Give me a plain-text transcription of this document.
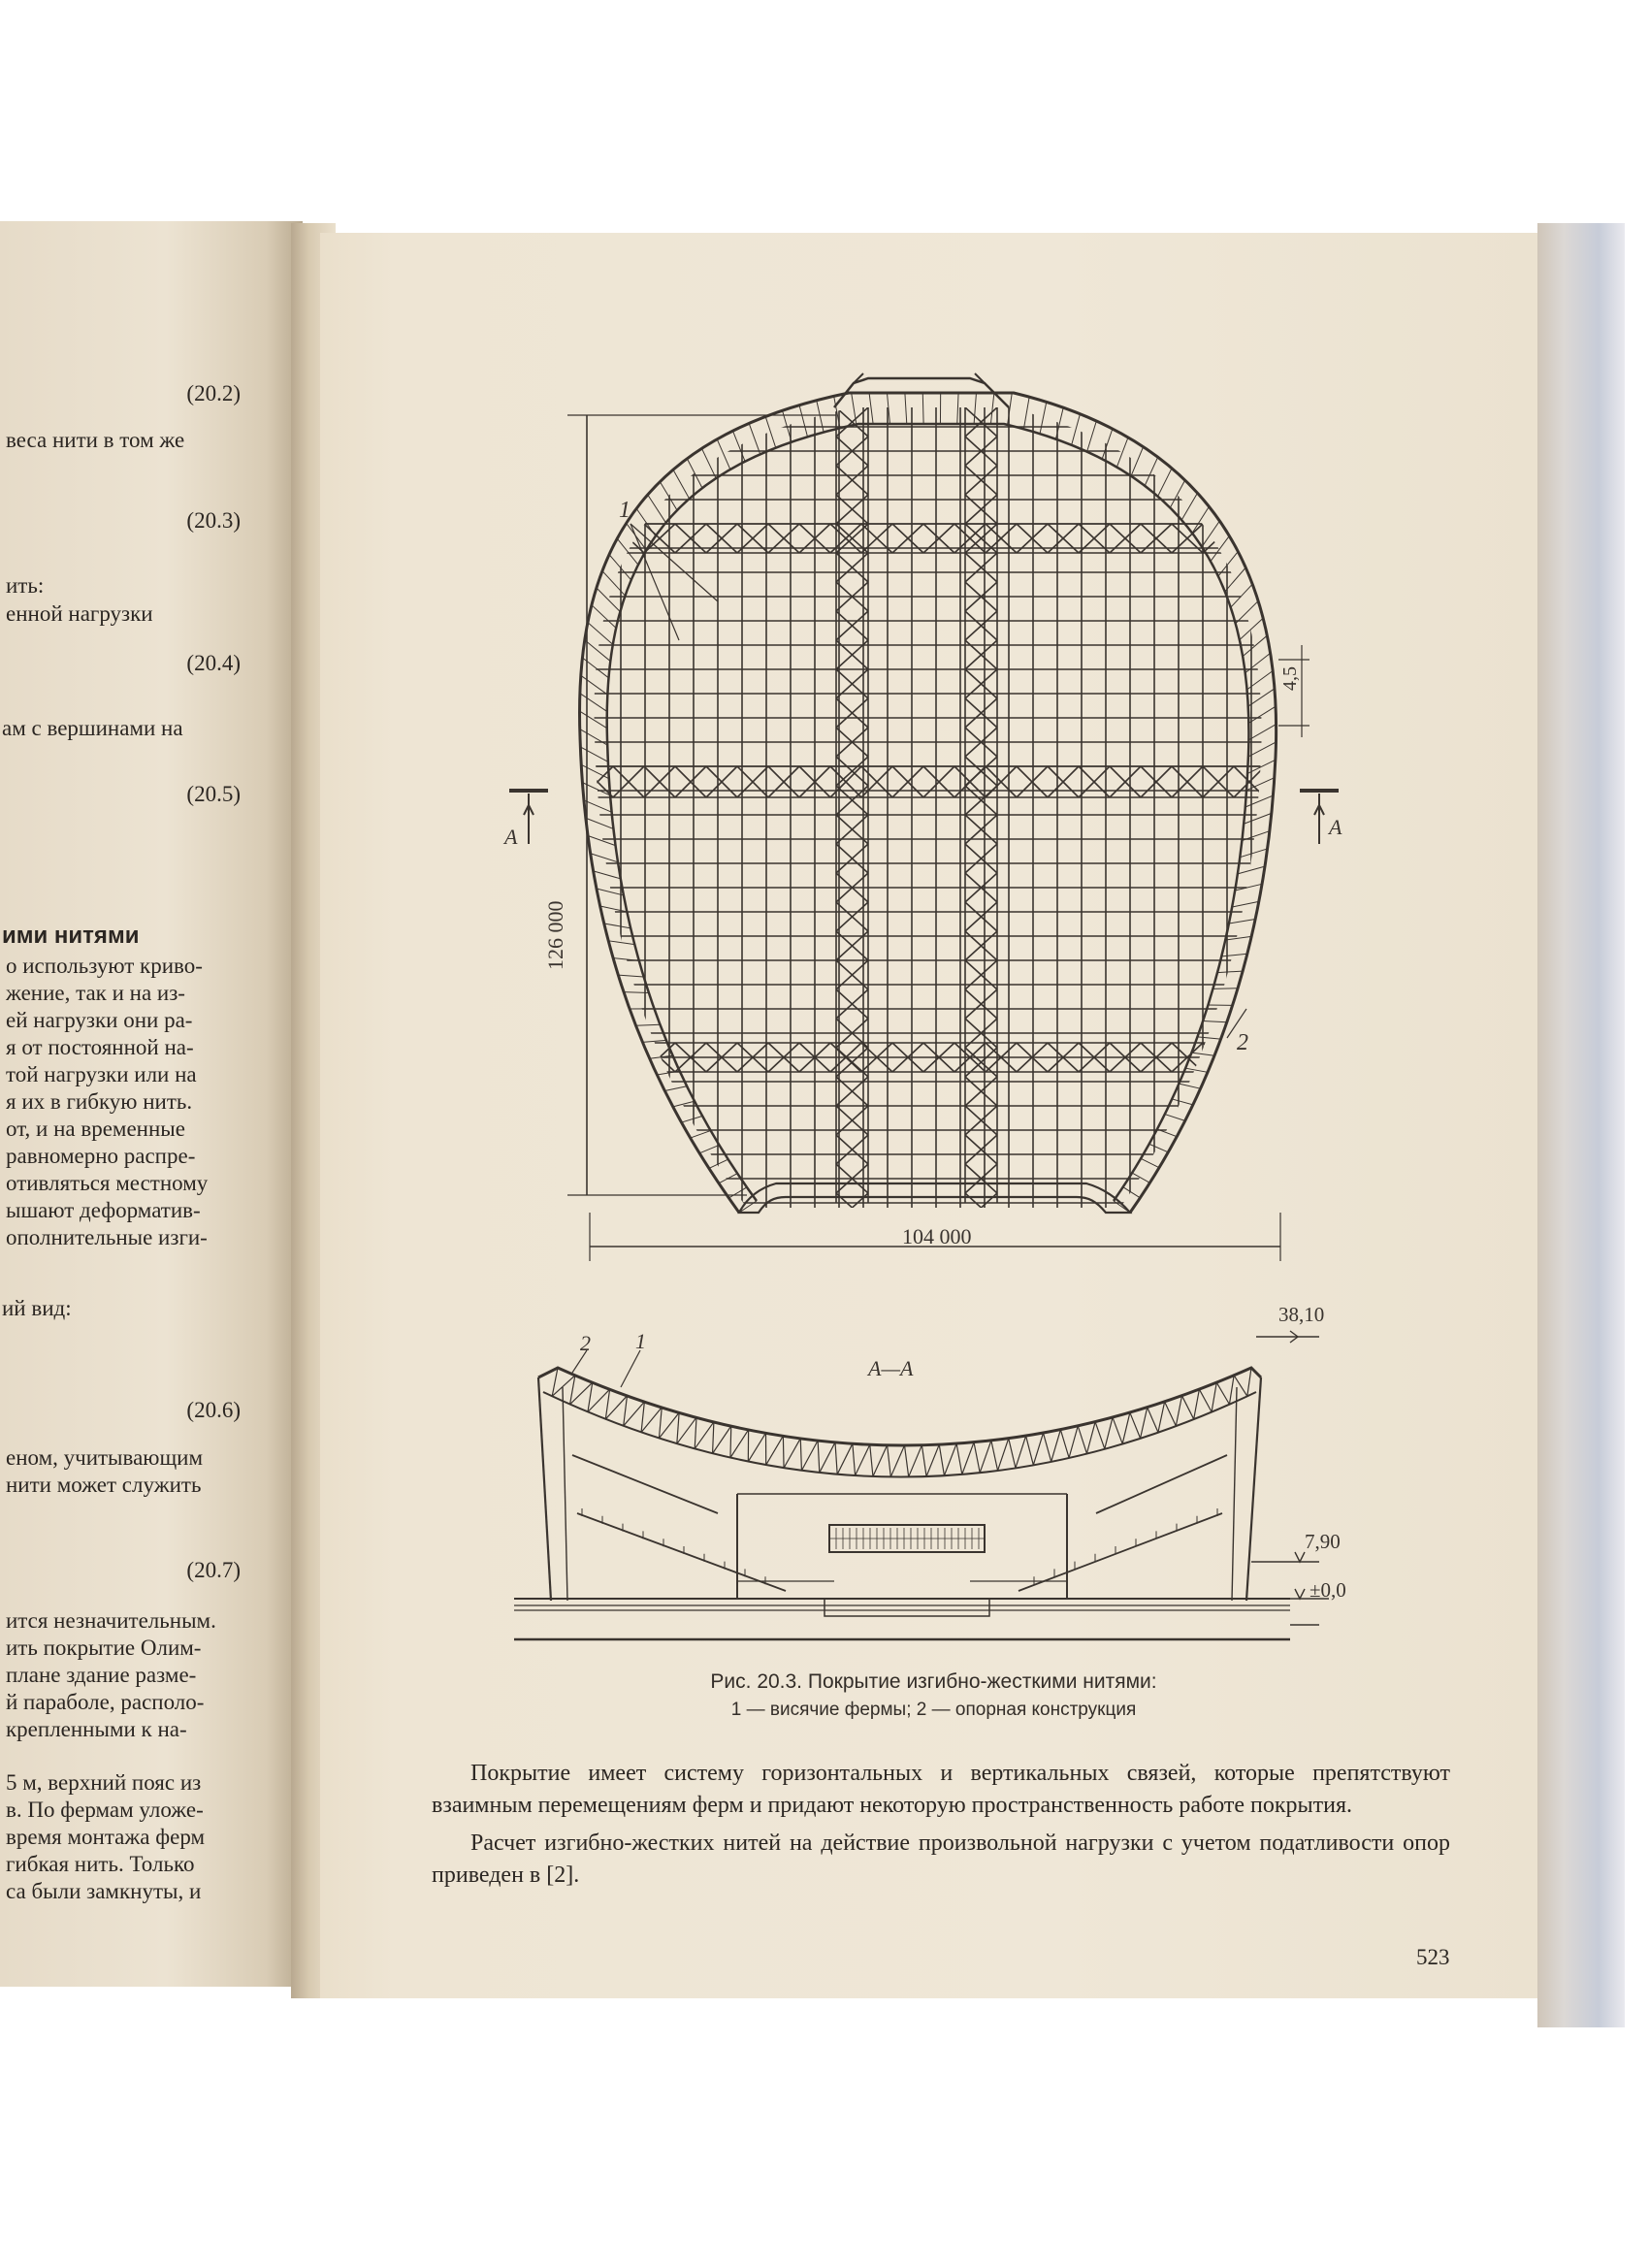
(20.2)
веса нити в том же
(20.3)
ить:
енной нагрузки
(20.4)
ам с вершинами на
(20.5)
о используют криво-
жение, так и на из-
ей нагрузки они ра-
я от постоянной на-
той нагрузки или на
я их в гибкую нить.
от, и на временные
равномерно распре-
отивляться местному
ышают деформатив-
ополнительные изги-
ий вид:
(20.6)
еном, учитывающим
нити может служить
(20.7)
ится незначительным.
ить покрытие Олим-
плане здание разме-
й параболе, располо-
крепленными к на-
5 м, верхний пояс из
в. По фермам уложе-
время монтажа ферм
гибкая нить. Только
са были замкнуты, и
ими нитями
1
2
A	A
126 000
104 000
4,5
А—А
2 1
38,10
7,90
±0,0
Рис. 20.3. Покрытие изгибно-жесткими нитями:
1 — висячие фермы; 2 — опорная конструкция

Покрытие имеет систему горизонтальных и вертикальных связей, которые препятствуют взаимным перемещениям ферм и придают некоторую пространственность работе покрытия.

Расчет изгибно-жестких нитей на действие произвольной нагрузки с учетом податливости опор приведен в [2].

523
